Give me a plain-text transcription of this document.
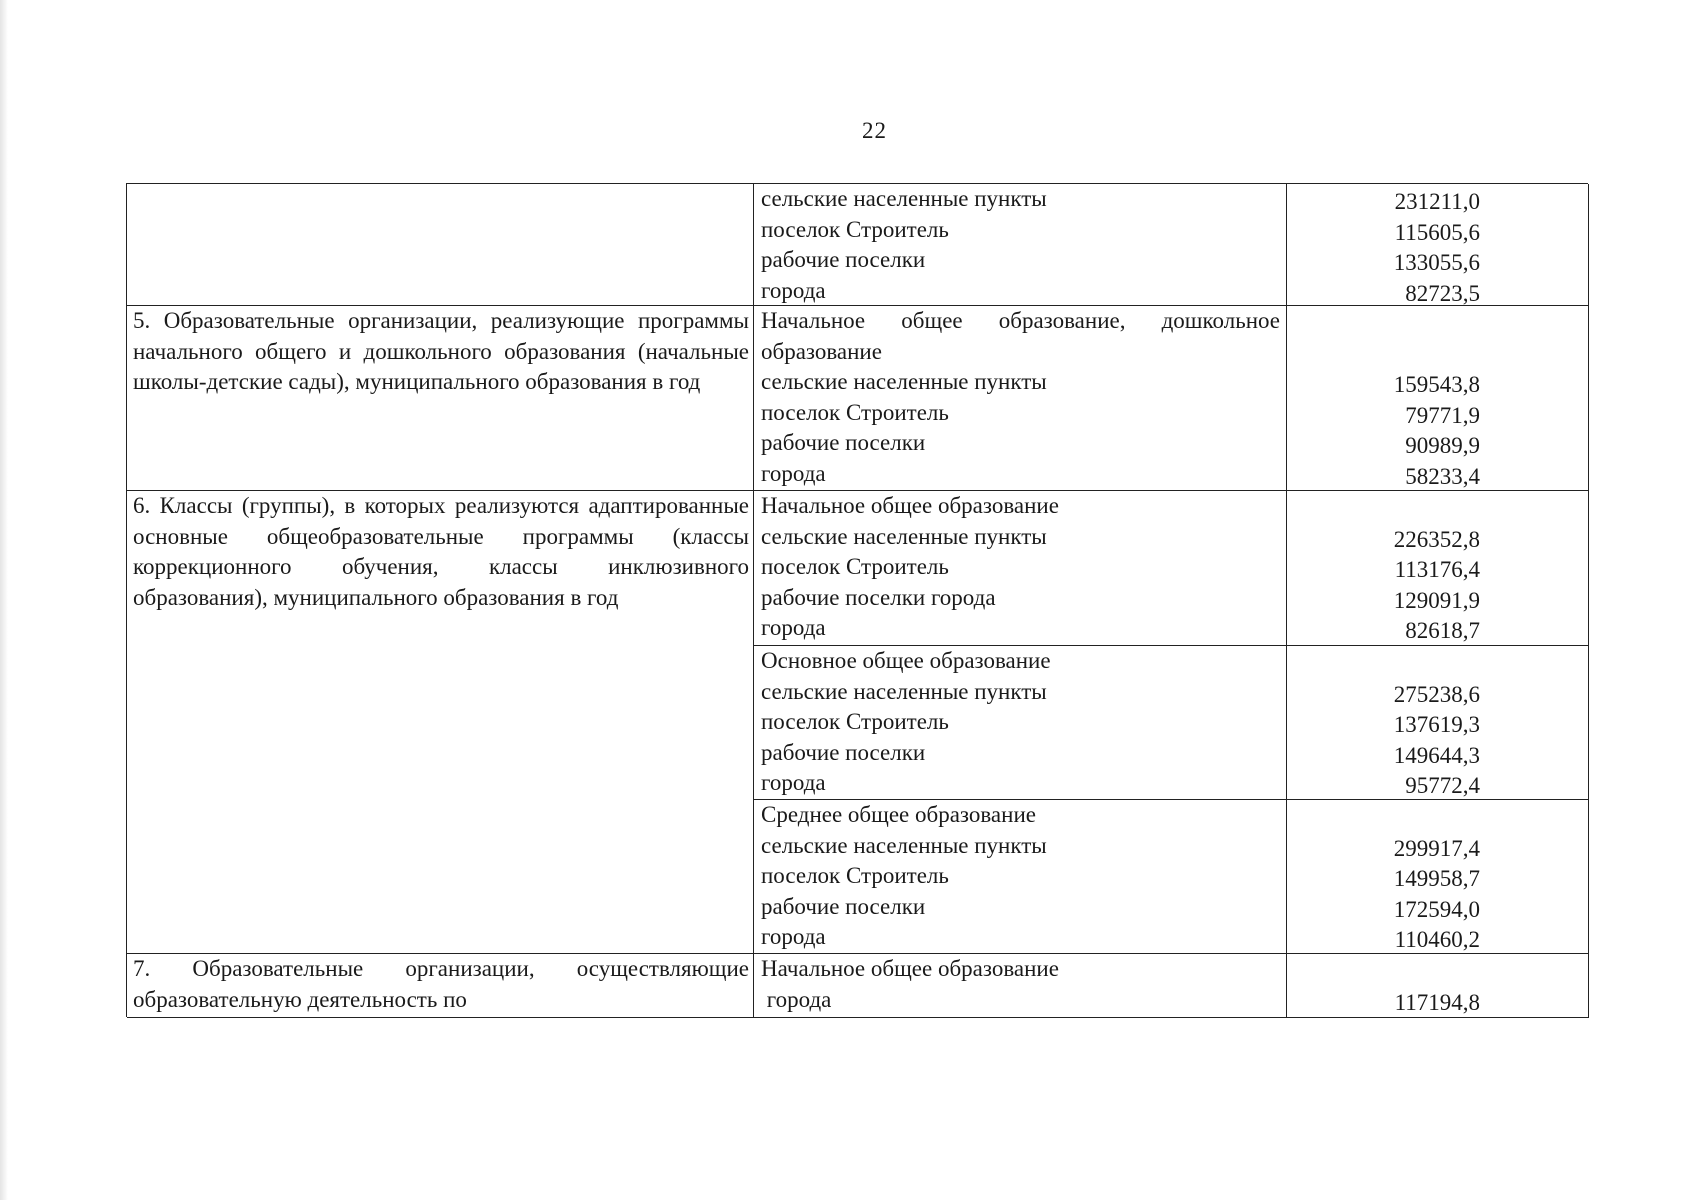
22
сельские населенные пункты
поселок Строитель
рабочие поселки
города
231211,0
115605,6
133055,6
82723,5
5. Образовательные организации, реализующие программы начального общего и дошкольного образования (начальные школы-детские сады), муниципального образования в год
Начальное общее образование, дошкольное
образование
сельские населенные пункты
поселок Строитель
рабочие поселки
города
159543,8
79771,9
90989,9
58233,4
6. Классы (группы), в которых реализуются адаптированные основные общеобразовательные программы (классы коррекционного обучения, классы инклюзивного образования), муниципального образования в год
Начальное общее образование
сельские населенные пункты
поселок Строитель
рабочие поселки города
города
226352,8
113176,4
129091,9
82618,7
Основное общее образование
сельские населенные пункты
поселок Строитель
рабочие поселки
города
275238,6
137619,3
149644,3
95772,4
Среднее общее образование
сельские населенные пункты
поселок Строитель
рабочие поселки
города
299917,4
149958,7
172594,0
110460,2
7. Образовательные организации, осуществляющие образовательную деятельность по
Начальное общее образование
города	117194,8
